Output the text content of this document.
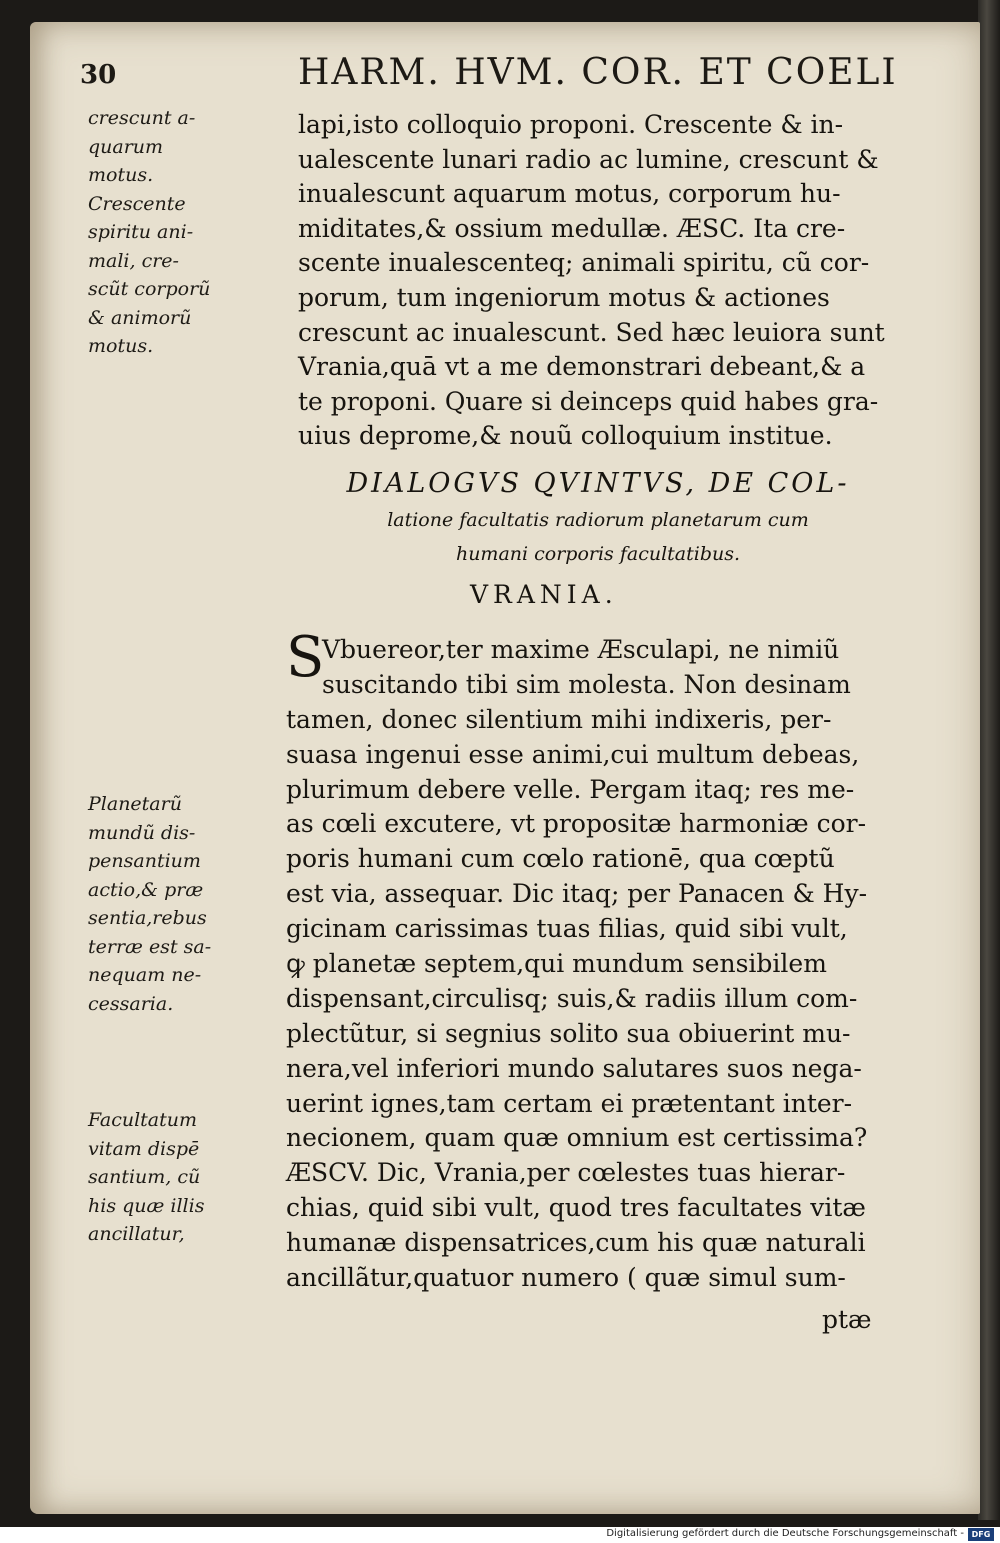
30	HARM. HVM. COR. ET COELI
crescunt a-
quarum
motus.
Crescente
spiritu ani-
mali, cre-
scũt corporũ
& animorũ
motus.
Planetarũ
mundũ dis-
pensantium
actio,& præ
sentia,rebus
terræ est sa-
nequam ne-
cessaria.
Facultatum
vitam dispē
santium, cũ
his quæ illis
ancillatur,
lapi,isto colloquio proponi. Crescente & in-
ualescente lunari radio ac lumine, crescunt &
inualescunt aquarum motus, corporum hu-
miditates,& ossium medullæ. ÆSC. Ita cre-
scente inualescenteq; animali spiritu, cũ cor-
porum, tum ingeniorum motus & actiones
crescunt ac inualescunt. Sed hæc leuiora sunt
Vrania,quā vt a me demonstrari debeant,& a
te proponi. Quare si deinceps quid habes gra-
uius deprome,& nouũ colloquium institue.
DIALOGVS QVINTVS, DE COL-
latione facultatis radiorum planetarum cum
humani corporis facultatibus.
VRANIA.
S
Vbuereor,ter maxime Æsculapi, ne nimiũ
suscitando tibi sim molesta. Non desinam
tamen, donec silentium mihi indixeris, per-
suasa ingenui esse animi,cui multum debeas,
plurimum debere velle. Pergam itaq; res me-
as cœli excutere, vt propositæ harmoniæ cor-
poris humani cum cœlo rationē, qua cœptũ
est via, assequar. Dic itaq; per Panacen & Hy-
gicinam carissimas tuas filias, quid sibi vult,
ꝙ planetæ septem,qui mundum sensibilem
dispensant,circulisq; suis,& radiis illum com-
plectũtur, si segnius solito sua obiuerint mu-
nera,vel inferiori mundo salutares suos nega-
uerint ignes,tam certam ei prætentant inter-
necionem, quam quæ omnium est certissima?
ÆSCV. Dic, Vrania,per cœlestes tuas hierar-
chias, quid sibi vult, quod tres facultates vitæ
humanæ dispensatrices,cum his quæ naturali
ancillãtur,quatuor numero ( quæ simul sum-
ptæ
Digitalisierung gefördert durch die Deutsche Forschungsgemeinschaft - DFG
